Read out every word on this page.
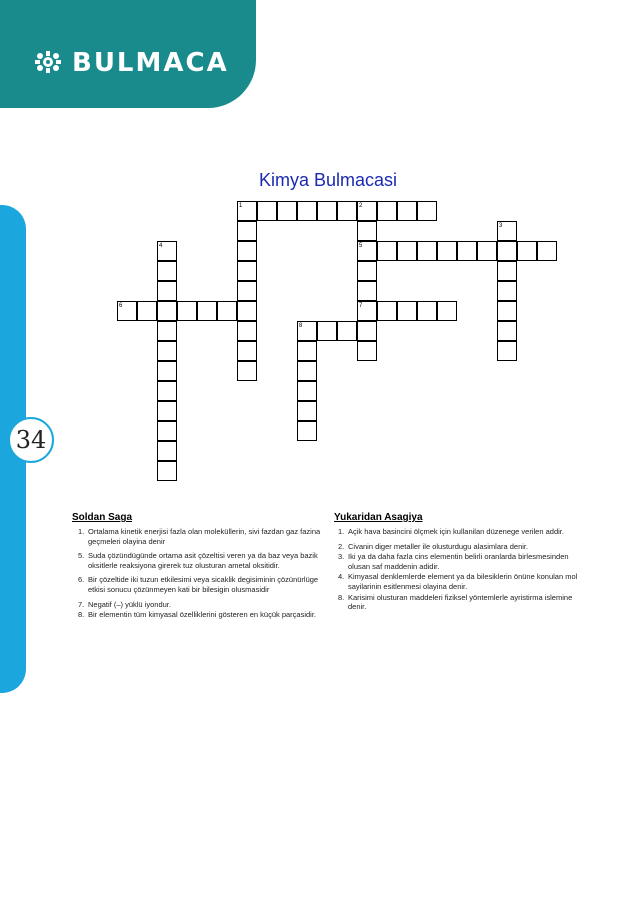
BULMACA
34
Kimya Bulmacasi
1	2
3
4	5
6	7
8
Soldan Saga
1. Ortalama kinetik enerjisi fazla olan moleküllerin, sivi fazdan gaz fazina geçmeleri olayina denir
5. Suda çözündügünde ortama asit çözeltisi veren ya da baz veya bazik oksitlerle reaksiyona girerek tuz olusturan ametal oksitidir.
6. Bir çözeltide iki tuzun etkilesimi veya sicaklik degisiminin çözünürlüge etkisi sonucu çözünmeyen kati bir bilesigin olusmasidir
7. Negatif (–) yüklü iyondur.
8. Bir elementin tüm kimyasal özelliklerini gösteren en küçük parçasidir.
Yukaridan Asagiya
1. Açik hava basincini ölçmek için kullanilan düzenege verilen addir.
2. Civanin diger metaller ile olusturdugu alasimlara denir.
3. Iki ya da daha fazla cins elementin belirli oranlarda birlesmesinden olusan saf maddenin adidir.
4. Kimyasal denklemlerde element ya da bilesiklerin önüne konulan mol sayilarinin esitlenmesi olayina denir.
8. Karisimi olusturan maddeleri fiziksel yöntemlerle ayristirma islemine denir.
